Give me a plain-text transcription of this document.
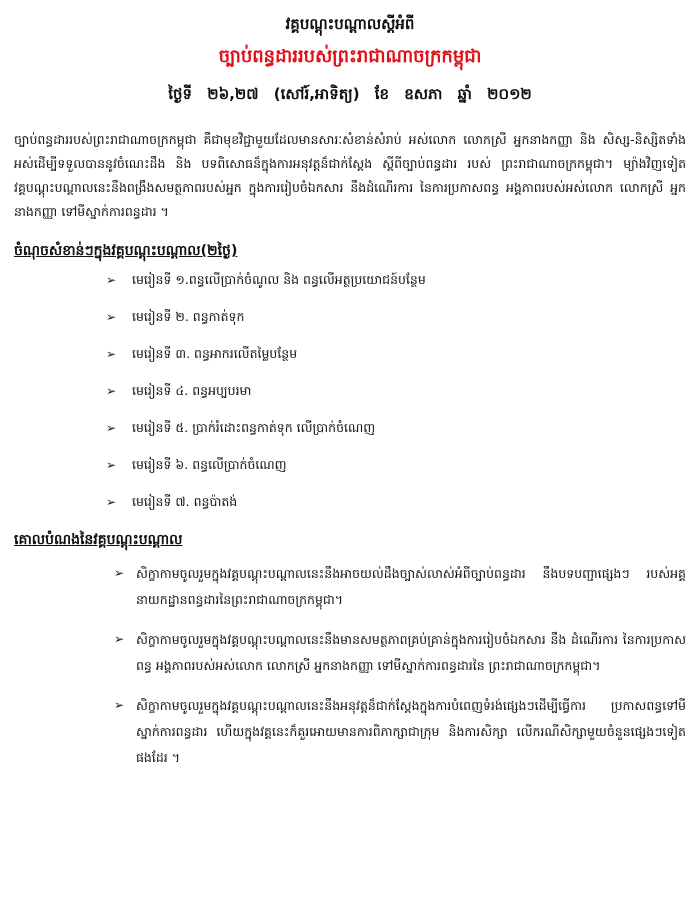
វគ្គបណ្តុះបណ្តាលស្តីអំពី
ច្បាប់ពន្ធដាររបស់ព្រះរាជាណាចក្រកម្ពុជា
ថ្ងៃទី ២៦,២៧ (សៅរ៍,អាទិត្យ) ខែ ឧសភា ឆ្នាំ ២០១២

ច្បាប់ពន្ធដាររបស់ព្រះរាជាណាចក្រកម្ពុជា គឺជាមុខវិជ្ជាមួយដែលមានសារៈសំខាន់សំរាប់ អស់លោក លោកស្រី អ្នកនាងកញ្ញា និង សិស្ស-និស្សិតទាំងអស់ដើម្បីទទួលបាននូវចំណេះដឹង និង បទពិសោធន៏ក្នុងការអនុវត្តន៏ជាក់ស្តែង ស្តីពីច្បាប់ពន្ធដារ របស់ ព្រះរាជាណាចក្រកម្ពុជា។ ម្យ៉ាងវិញទៀត វគ្គបណ្តុះបណ្តាលនេះនឹងពង្រឹងសមត្ថភាពរបស់អ្នក ក្នុងការរៀបចំឯកសារ នឹងដំណើរការ នៃការប្រកាសពន្ធ អង្គភាពរបស់អស់លោក លោកស្រី អ្នកនាងកញ្ញា ទៅមីស្នាក់ការពន្ធដារ ។

ចំណុចសំខាន់ៗក្នុងវគ្គបណ្តុះបណ្តាល(២ថ្ងៃ)
➢	មេរៀនទី ១.ពន្ធលើប្រាក់ចំណូល និង ពន្ធលើអត្ថប្រយោជន៍បន្ថែម
➢	មេរៀនទី ២. ពន្ធកាត់ទុក
➢	មេរៀនទី ៣. ពន្ធអាករលើតម្លៃបន្ថែម
➢	មេរៀនទី ៤. ពន្ធអប្បបរមា
➢	មេរៀនទី ៥. ប្រាក់រំដោះពន្ធកាត់ទុក លើប្រាក់ចំណេញ
➢	មេរៀនទី ៦. ពន្ធលើប្រាក់ចំណេញ
➢	មេរៀនទី ៧. ពន្ធប៉ាតង់
គោលបំណងនៃវគ្គបណ្តុះបណ្តាល
➢ សិក្ខាកាមចូលរួមក្នុងវគ្គបណ្តុះបណ្តាលនេះនឹងអាចយល់ដឹងច្បាស់លាស់អំពីច្បាប់ពន្ធដារ នឹងបទបញ្ជាផ្សេងៗ របស់អគ្គនាយកដ្ឋានពន្ធដារនៃព្រះរាជាណាចក្រកម្ពុជា។
➢ សិក្ខាកាមចូលរួមក្នុងវគ្គបណ្តុះបណ្តាលនេះនឹងមានសមត្ថភាពគ្រប់គ្រាន់ក្នុងការរៀបចំឯកសារ នឹង ដំណើរការ នៃការប្រកាសពន្ធ អង្គភាពរបស់អស់លោក លោកស្រី អ្នកនាងកញ្ញា ទៅមីស្នាក់ការពន្ធដារនៃ ព្រះរាជាណាចក្រកម្ពុជា។
➢ សិក្ខាកាមចូលរួមក្នុងវគ្គបណ្តុះបណ្តាលនេះនឹងអនុវត្តន៏ជាក់ស្តែងក្នុងការបំពេញទំរង់ផ្សេងៗដើម្បីធ្វើការ ប្រកាសពន្ធទៅមីស្នាក់ការពន្ធដារ ហើយក្នុងវគ្គនេះក៏គួរអោយមានការពិភាក្សាជាក្រុម និងការសិក្សា លើករណីសិក្សាមួយចំនួនផ្សេងៗទៀតផងដែរ ។
